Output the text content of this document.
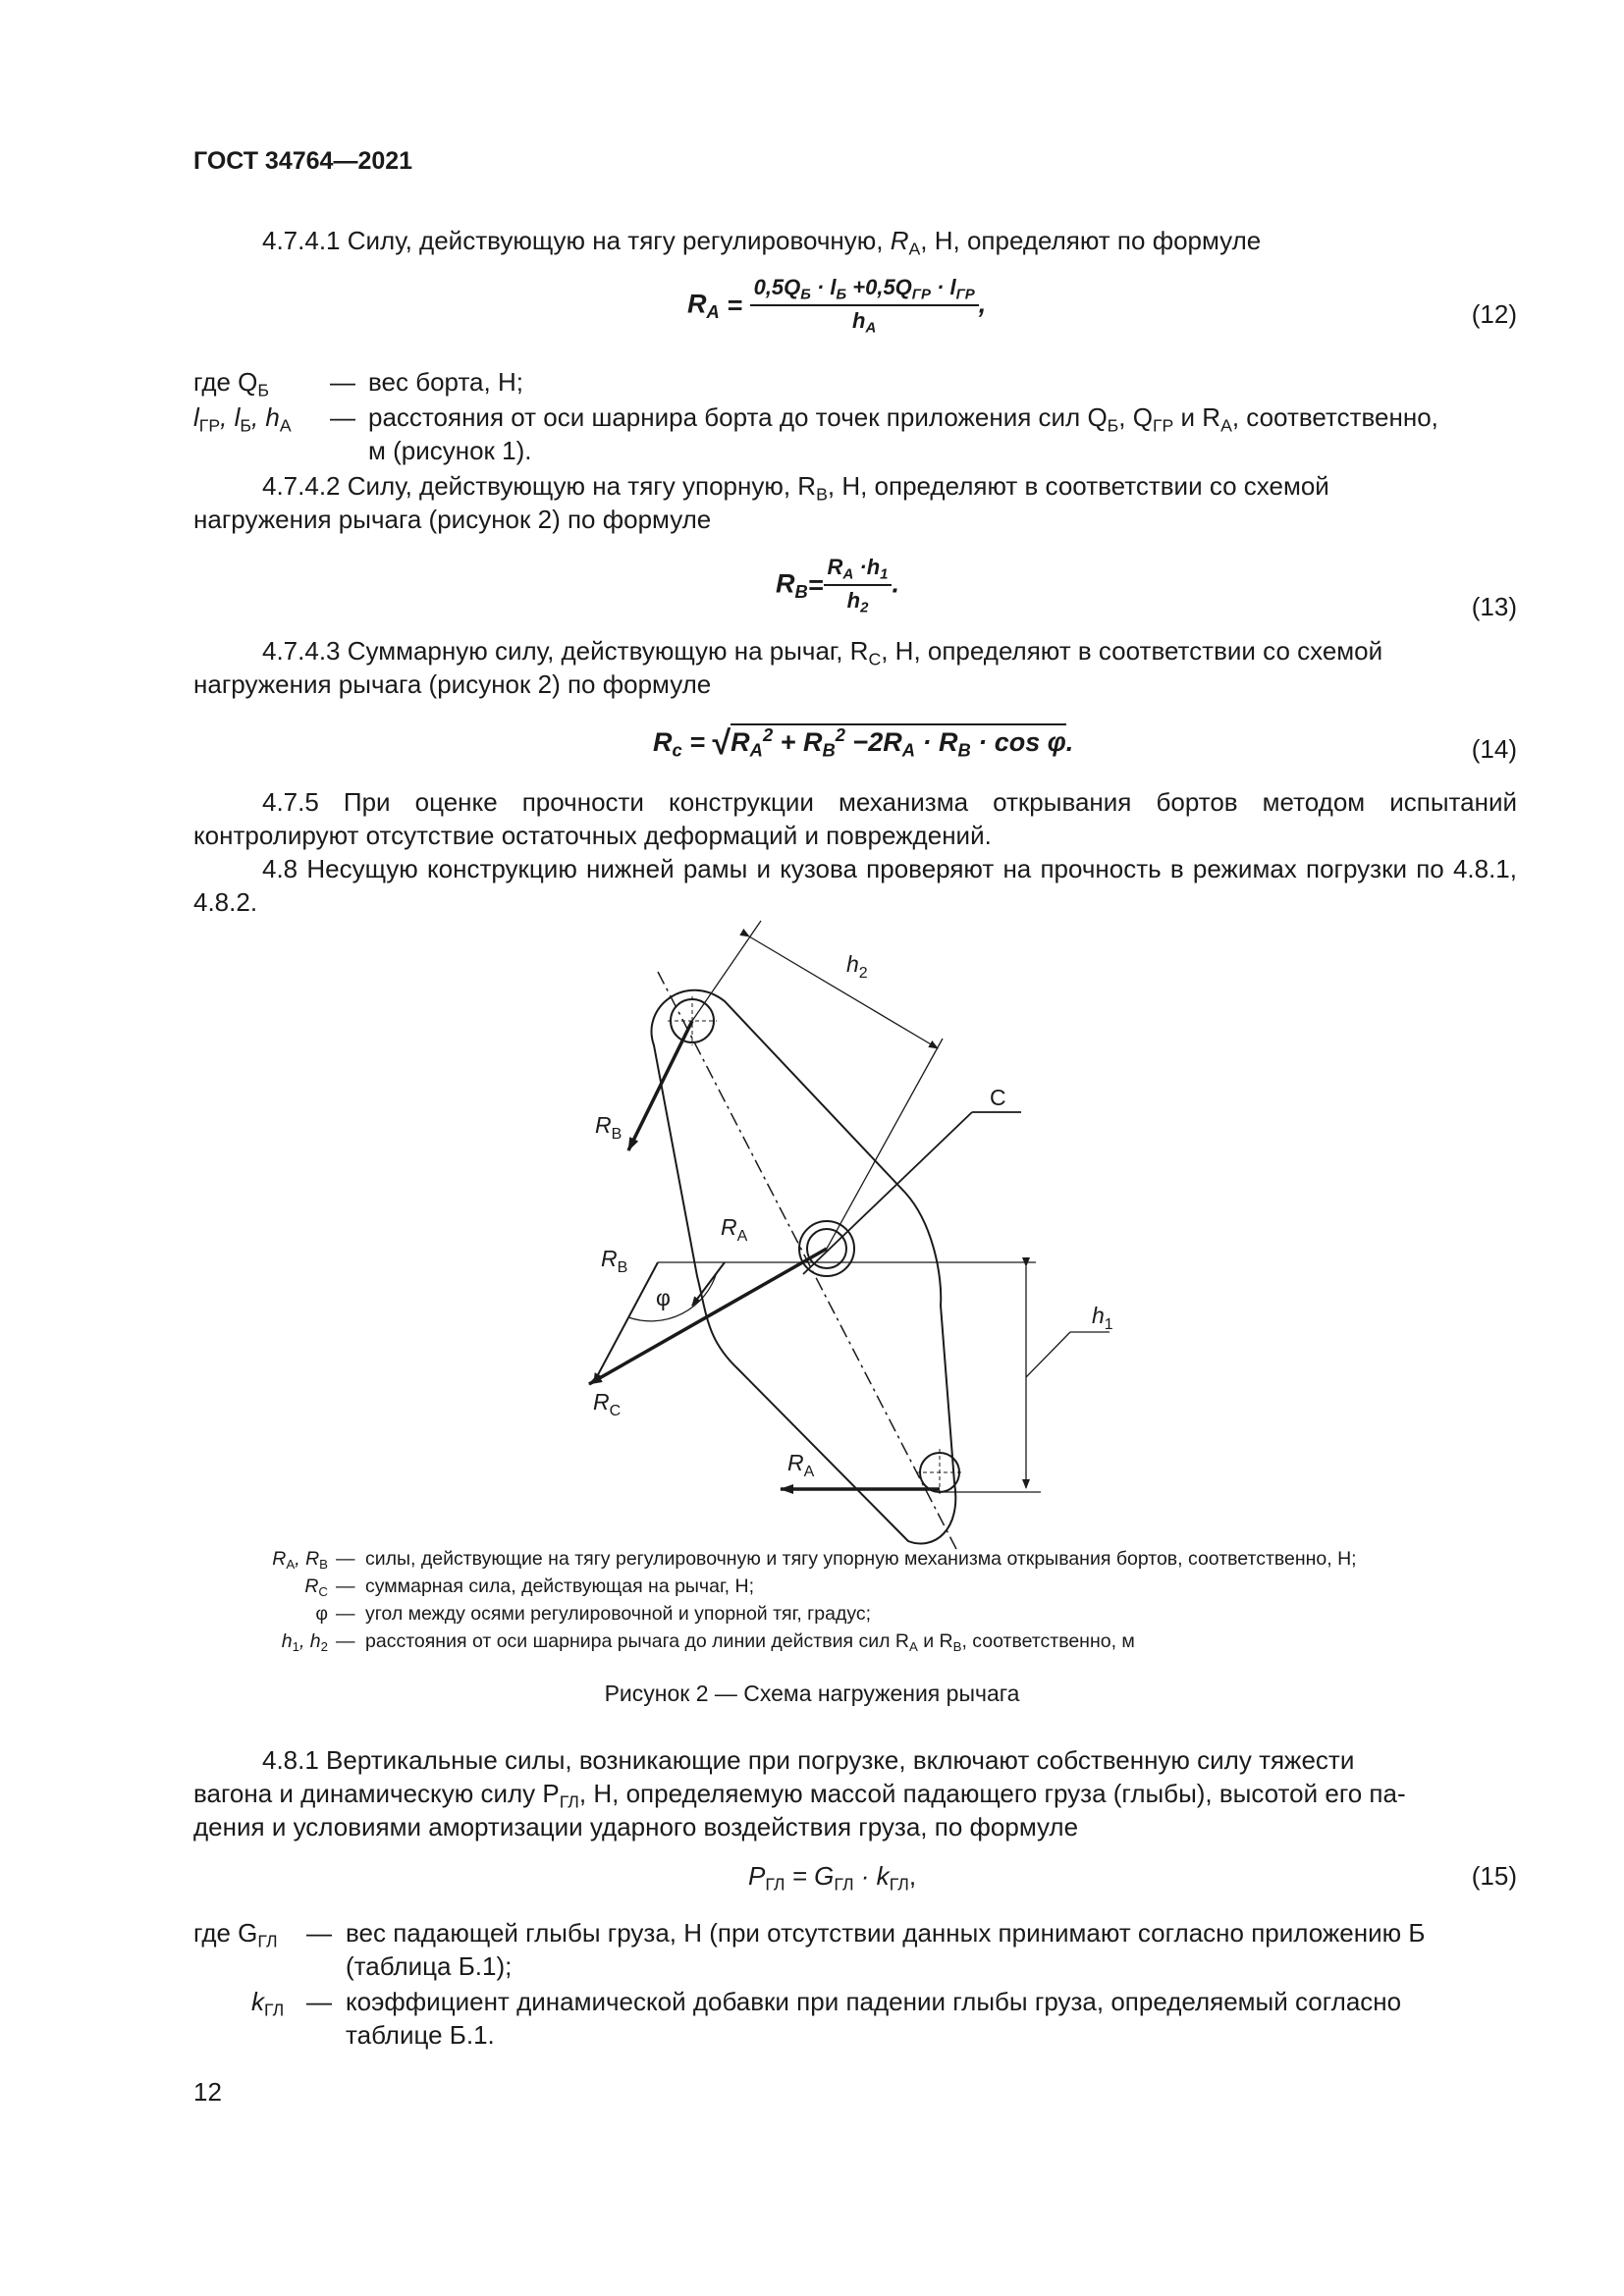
ГОСТ 34764—2021
4.7.4.1 Силу, действующую на тягу регулировочную, $R_А$, Н, определяют по формуле
$R_A = \frac{0,5Q_Б \cdot l_Б +0,5Q_{ГР} \cdot l_{ГР}}{h_A}$ ,	(12)
где $Q_Б$ — вес борта, Н;
$l_{ГР}$, $l_Б$, $h_А$ — расстояния от оси шарнира борта до точек приложения сил $Q_Б$, $Q_{ГР}$ и $R_А$, соответственно,
м (рисунок 1).
4.7.4.2 Силу, действующую на тягу упорную, $R_В$, Н, определяют в соответствии со схемой
нагружения рычага (рисунок 2) по формуле
$R_B= \frac{R_A \cdot h_1}{h_2}$ .
(13)
4.7.4.3 Суммарную силу, действующую на рычаг, $R_С$, Н, определяют в соответствии со схемой
нагружения рычага (рисунок 2) по формуле
$R_c = √R_A^2 + R_B^2 -2R_A \cdot R_B \cdot \cos \varphi$.	(14)
4.7.5 При оценке прочности конструкции механизма открывания бортов методом испытаний контролируют отсутствие остаточных деформаций и повреждений.
4.8 Несущую конструкцию нижней рамы и кузова проверяют на прочность в режимах погрузки по 4.8.1, 4.8.2.
$h_2$
С
$R_В$
$R_А$
$R_В$
φ
$h_1$
$R_С$
$R_А$
$R_А$, $R_В$ — силы, действующие на тягу регулировочную и тягу упорную механизма открывания бортов, соответственно, Н;
$R_С$ — суммарная сила, действующая на рычаг, Н;
φ — угол между осями регулировочной и упорной тяг, градус;
$h_1$, $h_2$ — расстояния от оси шарнира рычага до линии действия сил $R_А$ и $R_В$, соответственно, м
Рисунок 2 — Схема нагружения рычага
4.8.1 Вертикальные силы, возникающие при погрузке, включают собственную силу тяжести
вагона и динамическую силу $P_{ГЛ}$, Н, определяемую массой падающего груза (глыбы), высотой его па-
дения и условиями амортизации ударного воздействия груза, по формуле
$P_{ГЛ} = G_{ГЛ} \cdot k_{ГЛ}$,	(15)
где $G_{ГЛ}$ — вес падающей глыбы груза, Н (при отсутствии данных принимают согласно приложению Б
(таблица Б.1);
$k_{ГЛ}$ — коэффициент динамической добавки при падении глыбы груза, определяемый согласно
таблице Б.1.
12
